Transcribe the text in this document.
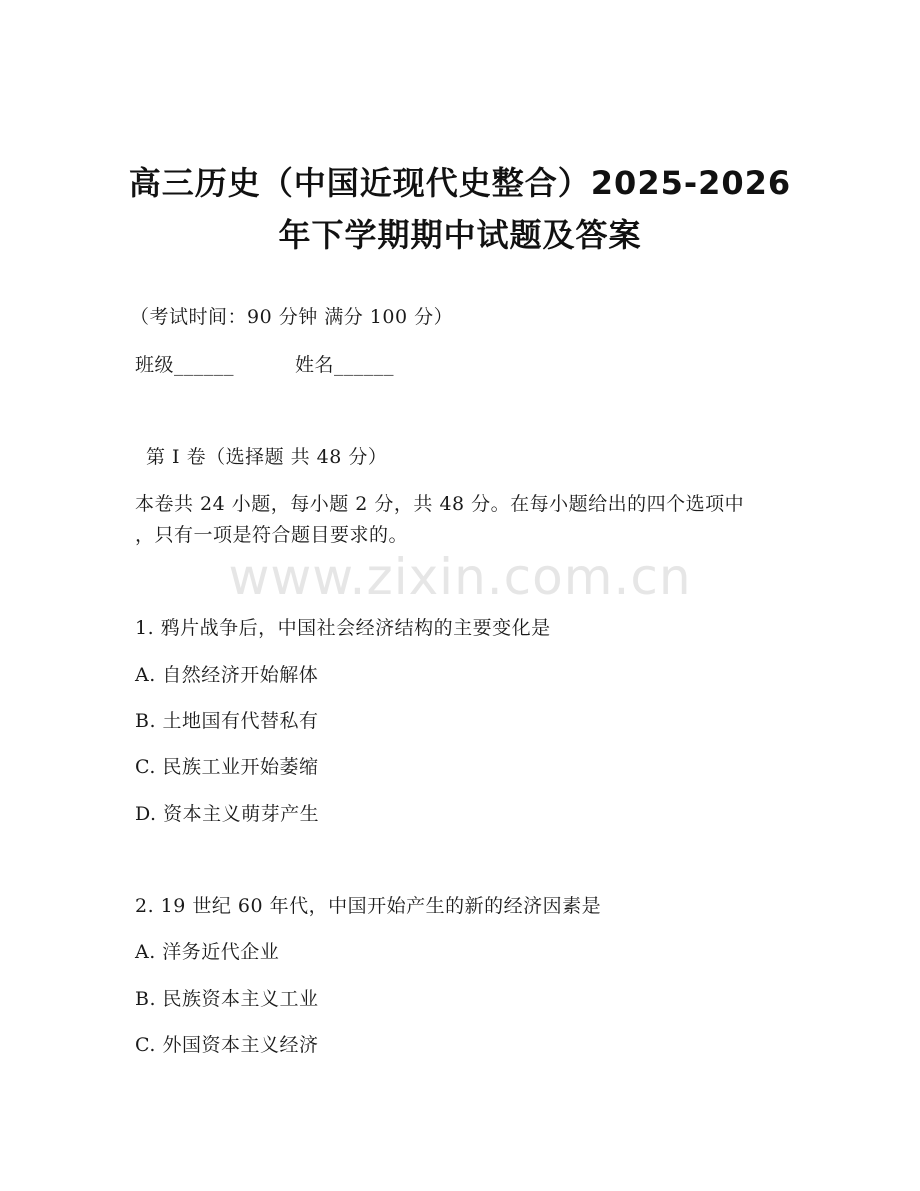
www.zixin.com.cn
高三历史（中国近现代史整合）2025-2026
年下学期期中试题及答案
（考试时间：90 分钟 满分 100 分）
班级______	姓名______
第 I 卷（选择题 共 48 分）
本卷共 24 小题，每小题 2 分，共 48 分。在每小题给出的四个选项中
，只有一项是符合题目要求的。
1. 鸦片战争后，中国社会经济结构的主要变化是
A. 自然经济开始解体
B. 土地国有代替私有
C. 民族工业开始萎缩
D. 资本主义萌芽产生
2. 19 世纪 60 年代，中国开始产生的新的经济因素是
A. 洋务近代企业
B. 民族资本主义工业
C. 外国资本主义经济
